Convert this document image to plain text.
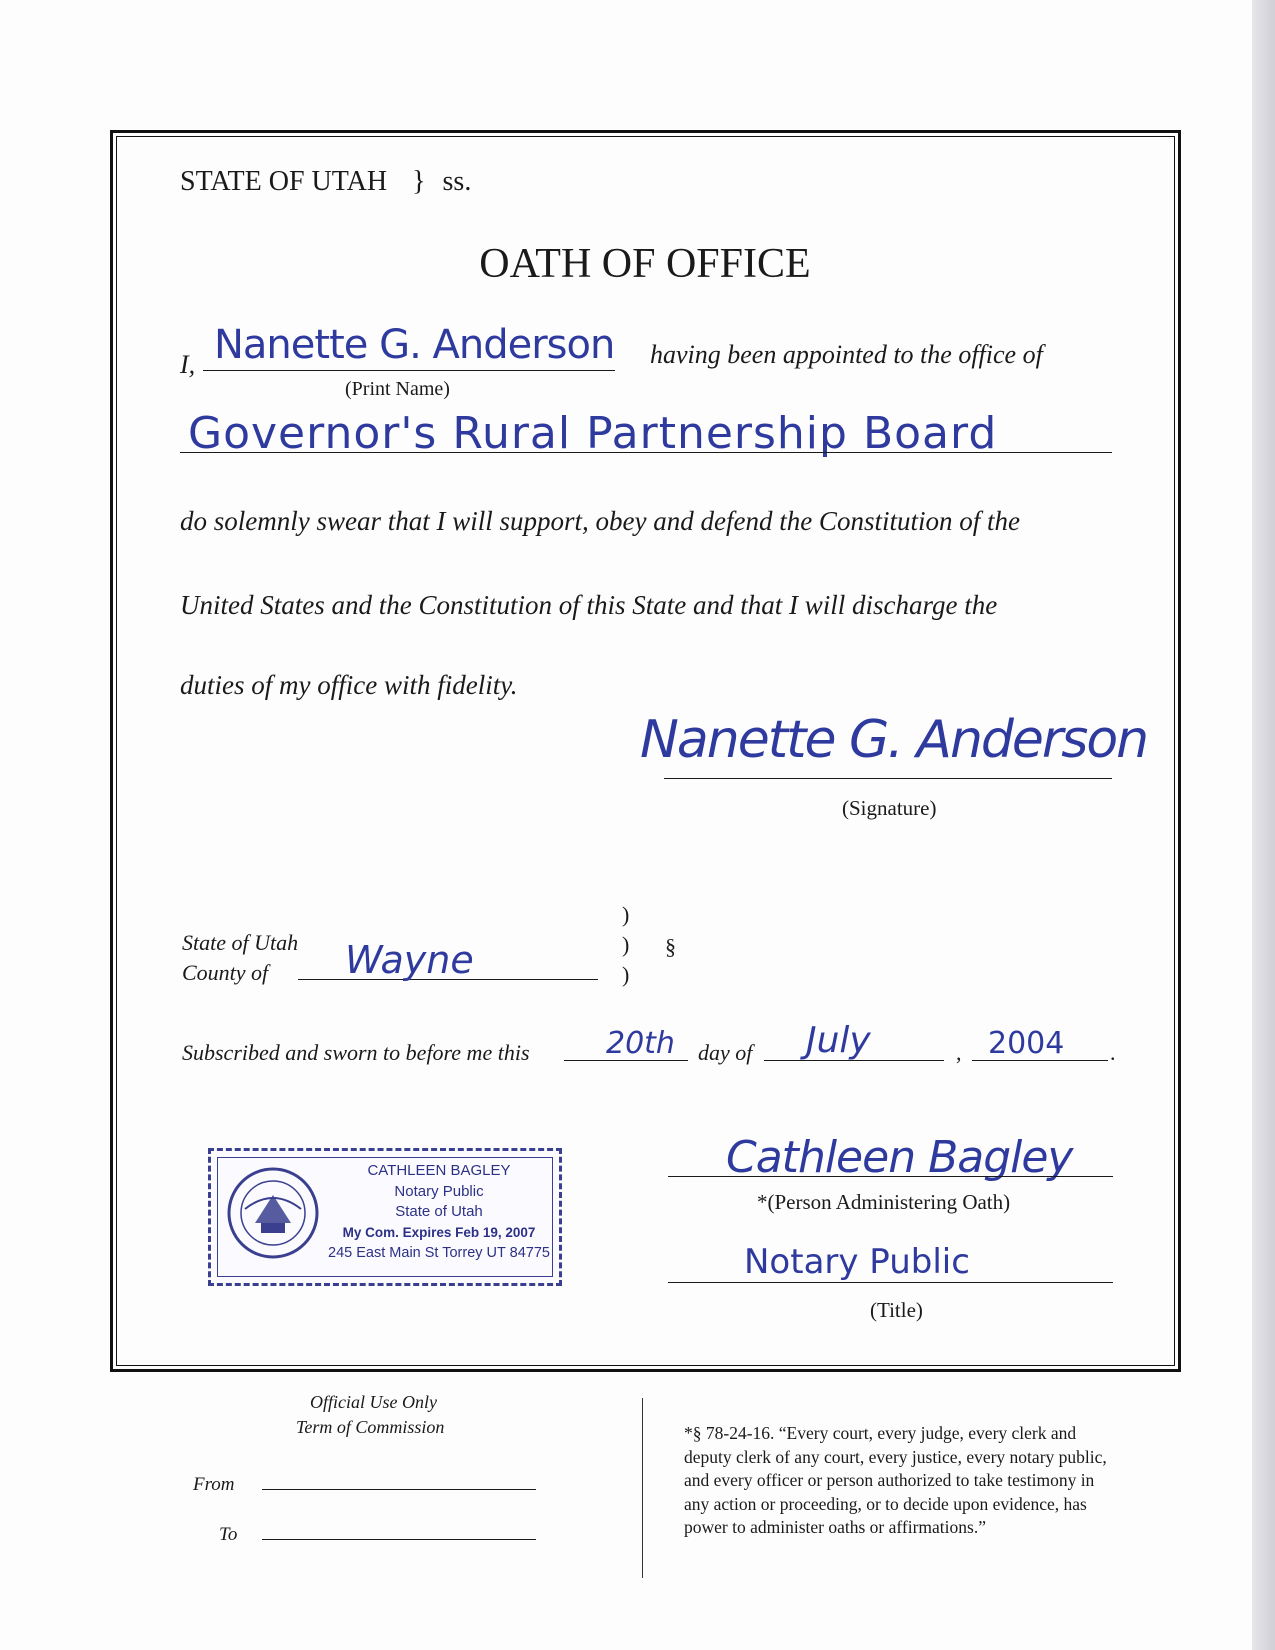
STATE OF UTAH } ss.
OATH OF OFFICE
I, Nanette G. Anderson
(Print Name)
having been appointed to the office of
Governor's Rural Partnership Board
do solemnly swear that I will support, obey and defend the Constitution of the
United States and the Constitution of this State and that I will discharge the
duties of my office with fidelity.
Nanette G. Anderson
(Signature)
State of Utah
County of Wayne
)
)
)
§
Subscribed and sworn to before me this	20th day of July	, 2004 .
CATHLEEN BAGLEY
Notary Public
State of Utah
My Com. Expires Feb 19, 2007
245 East Main St Torrey UT 84775
Cathleen Bagley
*(Person Administering Oath)
Notary Public
(Title)
Official Use Only
Term of Commission
From
To
*§ 78-24-16. “Every court, every judge, every clerk and
deputy clerk of any court, every justice, every notary public,
and every officer or person authorized to take testimony in
any action or proceeding, or to decide upon evidence, has
power to administer oaths or affirmations.”
